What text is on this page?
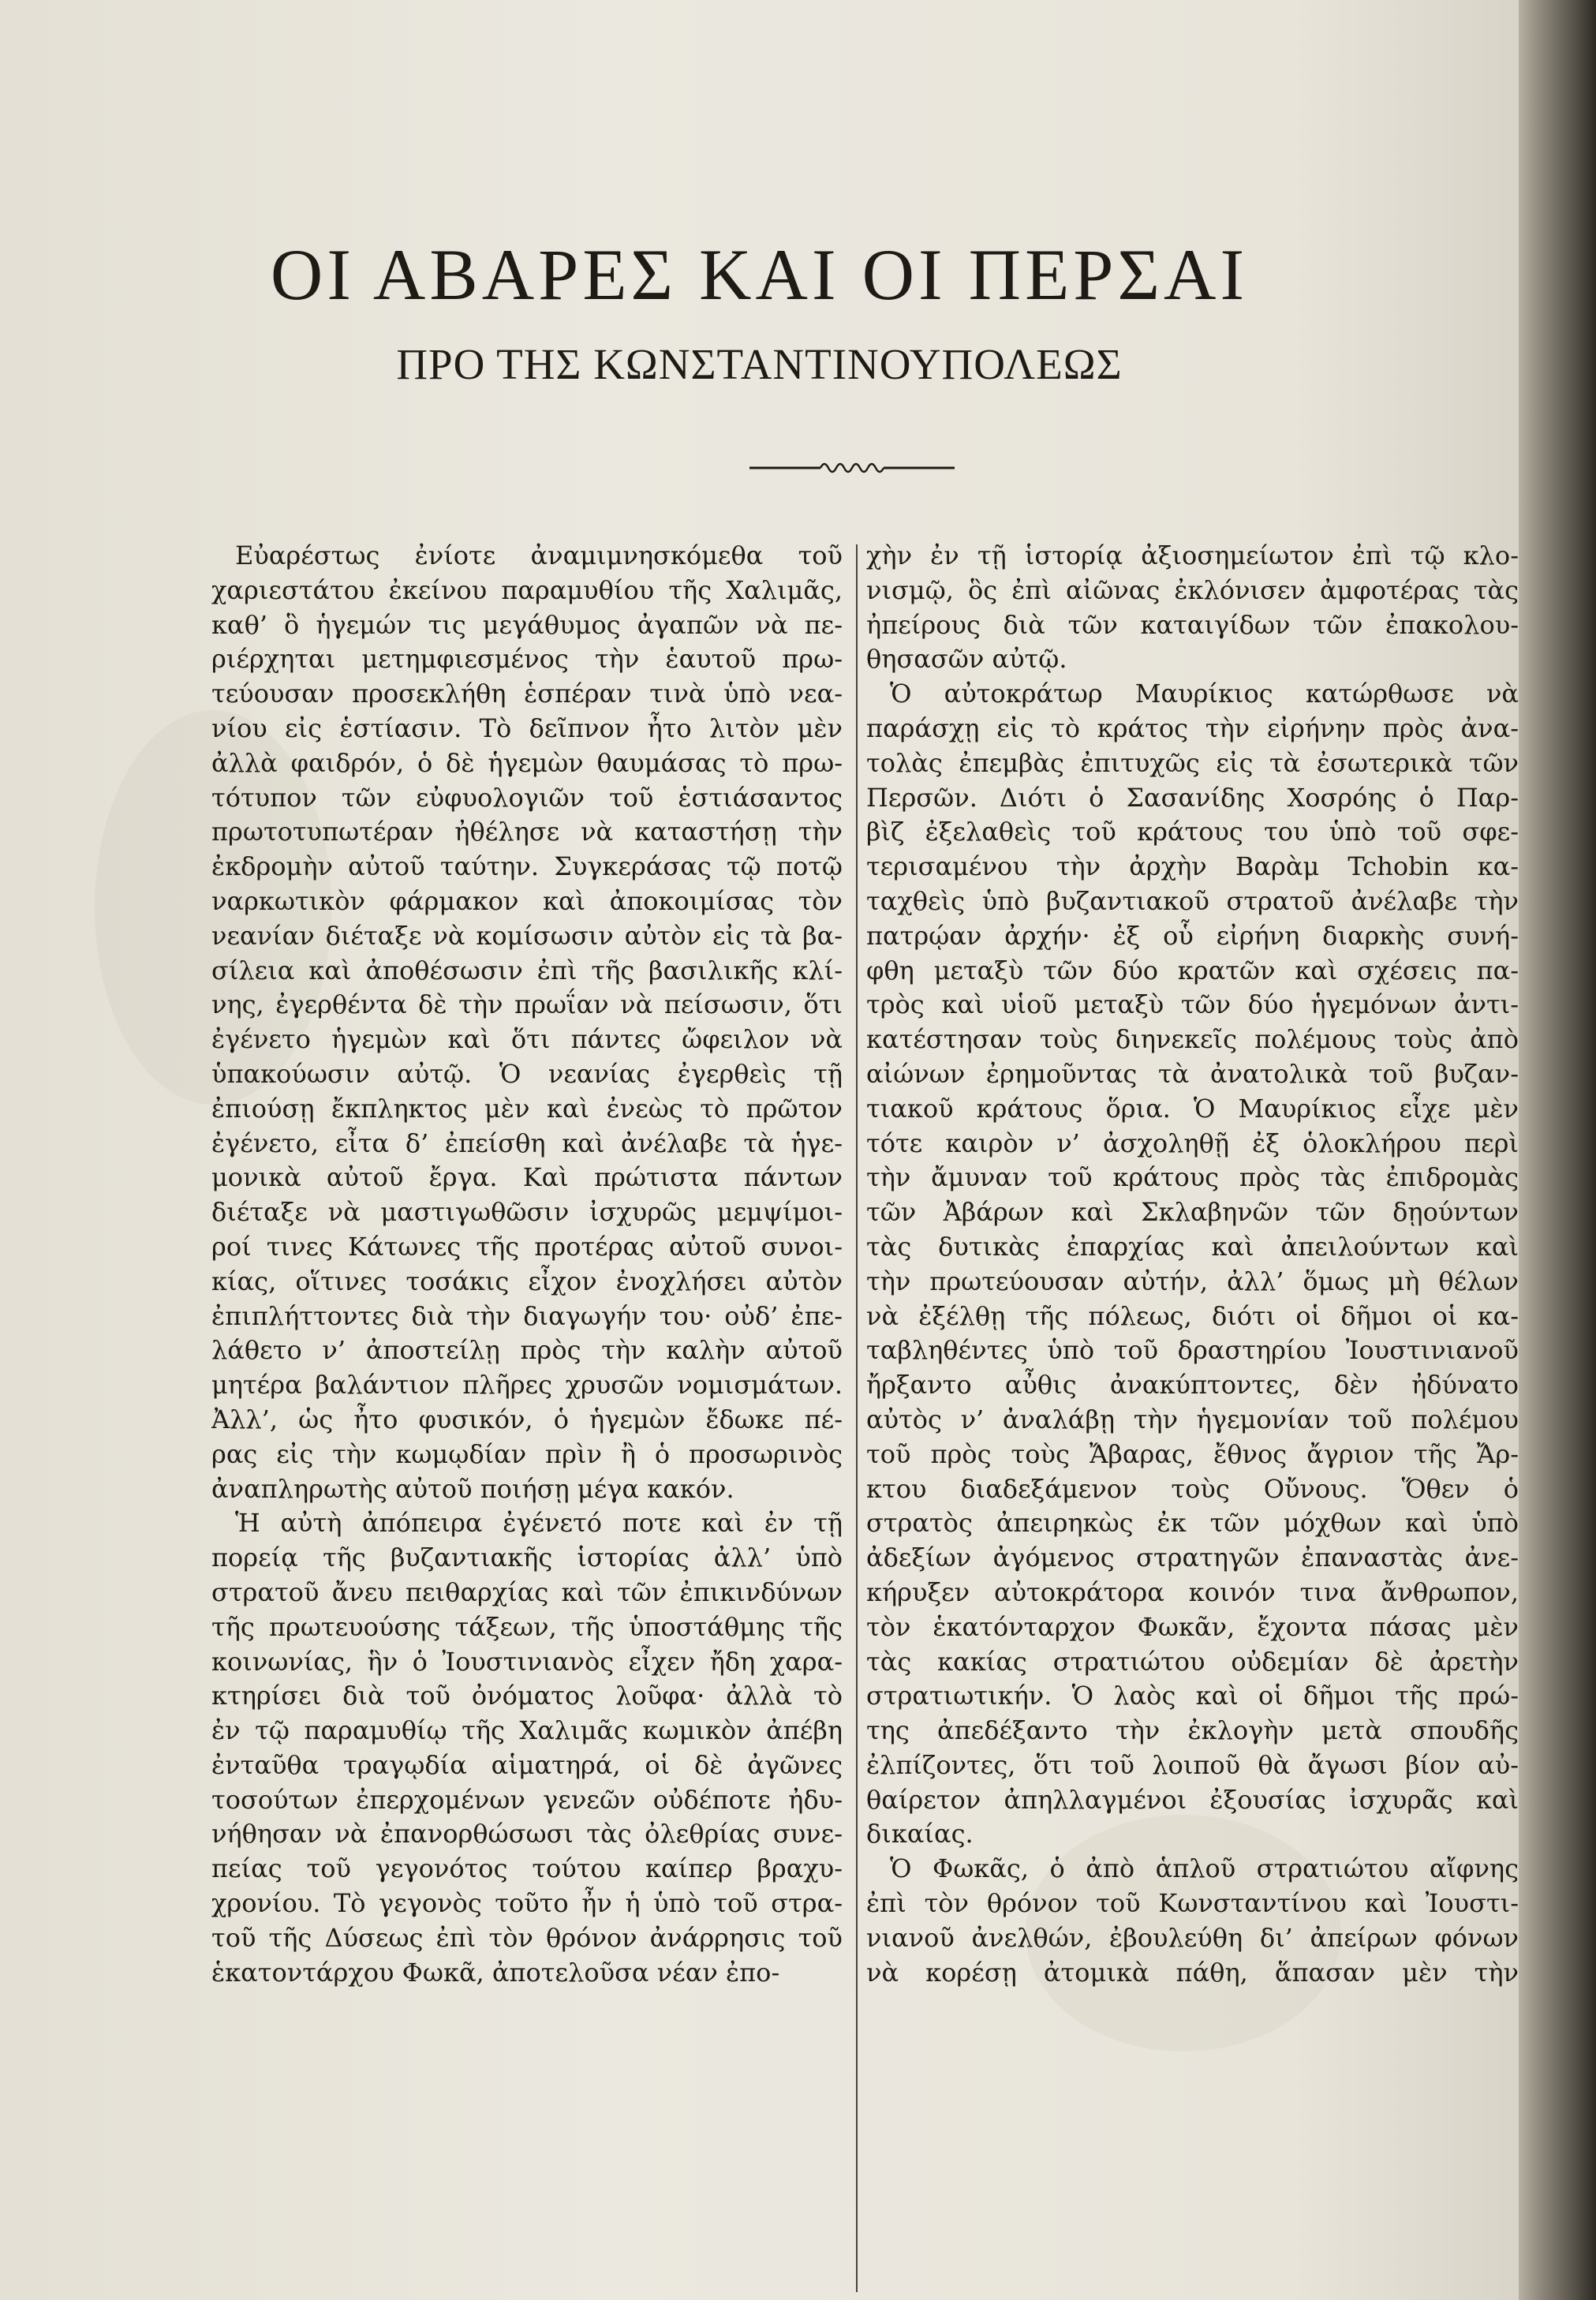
ΟΙ ΑΒΑΡΕΣ ΚΑΙ ΟΙ ΠΕΡΣΑΙ
ΠΡΟ ΤΗΣ ΚΩΝΣΤΑΝΤΙΝΟΥΠΟΛΕΩΣ
Εὐαρέστως ἐνίοτε ἀναμιμνησκόμεθα τοῦ
χαριεστάτου ἐκείνου παραμυθίου τῆς Χαλιμᾶς,
καθ’ ὃ ἡγεμών τις μεγάθυμος ἀγαπῶν νὰ πε-
ριέρχηται μετημφιεσμένος τὴν ἑαυτοῦ πρω-
τεύουσαν προσεκλήθη ἑσπέραν τινὰ ὑπὸ νεα-
νίου εἰς ἑστίασιν. Τὸ δεῖπνον ἦτο λιτὸν μὲν
ἀλλὰ φαιδρόν, ὁ δὲ ἡγεμὼν θαυμάσας τὸ πρω-
τότυπον τῶν εὐφυολογιῶν τοῦ ἑστιάσαντος
πρωτοτυπωτέραν ἠθέλησε νὰ καταστήσῃ τὴν
ἐκδρομὴν αὐτοῦ ταύτην. Συγκεράσας τῷ ποτῷ
ναρκωτικὸν φάρμακον καὶ ἀποκοιμίσας τὸν
νεανίαν διέταξε νὰ κομίσωσιν αὐτὸν εἰς τὰ βα-
σίλεια καὶ ἀποθέσωσιν ἐπὶ τῆς βασιλικῆς κλί-
νης, ἐγερθέντα δὲ τὴν πρωΐαν νὰ πείσωσιν, ὅτι
ἐγένετο ἡγεμὼν καὶ ὅτι πάντες ὤφειλον νὰ
ὑπακούωσιν αὐτῷ. Ὁ νεανίας ἐγερθεὶς τῇ
ἐπιούσῃ ἔκπληκτος μὲν καὶ ἐνεὼς τὸ πρῶτον
ἐγένετο, εἶτα δ’ ἐπείσθη καὶ ἀνέλαβε τὰ ἡγε-
μονικὰ αὐτοῦ ἔργα. Καὶ πρώτιστα πάντων
διέταξε νὰ μαστιγωθῶσιν ἰσχυρῶς μεμψίμοι-
ροί τινες Κάτωνες τῆς προτέρας αὐτοῦ συνοι-
κίας, οἵτινες τοσάκις εἶχον ἐνοχλήσει αὐτὸν
ἐπιπλήττοντες διὰ τὴν διαγωγήν του· οὐδ’ ἐπε-
λάθετο ν’ ἀποστείλῃ πρὸς τὴν καλὴν αὐτοῦ
μητέρα βαλάντιον πλῆρες χρυσῶν νομισμάτων.
Ἀλλ’, ὡς ἦτο φυσικόν, ὁ ἡγεμὼν ἔδωκε πέ-
ρας εἰς τὴν κωμῳδίαν πρὶν ἢ ὁ προσωρινὸς
ἀναπληρωτὴς αὐτοῦ ποιήσῃ μέγα κακόν.
Ἡ αὐτὴ ἀπόπειρα ἐγένετό ποτε καὶ ἐν τῇ
πορείᾳ τῆς βυζαντιακῆς ἱστορίας ἀλλ’ ὑπὸ
στρατοῦ ἄνευ πειθαρχίας καὶ τῶν ἐπικινδύνων
τῆς πρωτευούσης τάξεων, τῆς ὑποστάθμης τῆς
κοινωνίας, ἣν ὁ Ἰουστινιανὸς εἶχεν ἤδη χαρα-
κτηρίσει διὰ τοῦ ὀνόματος λοῦφα· ἀλλὰ τὸ
ἐν τῷ παραμυθίῳ τῆς Χαλιμᾶς κωμικὸν ἀπέβη
ἐνταῦθα τραγῳδία αἱματηρά, οἱ δὲ ἀγῶνες
τοσούτων ἐπερχομένων γενεῶν οὐδέποτε ἠδυ-
νήθησαν νὰ ἐπανορθώσωσι τὰς ὀλεθρίας συνε-
πείας τοῦ γεγονότος τούτου καίπερ βραχυ-
χρονίου. Τὸ γεγονὸς τοῦτο ἦν ἡ ὑπὸ τοῦ στρα-
τοῦ τῆς Δύσεως ἐπὶ τὸν θρόνον ἀνάρρησις τοῦ
ἑκατοντάρχου Φωκᾶ, ἀποτελοῦσα νέαν ἐπο-
χὴν ἐν τῇ ἱστορίᾳ ἀξιοσημείωτον ἐπὶ τῷ κλο-
νισμῷ, ὃς ἐπὶ αἰῶνας ἐκλόνισεν ἀμφοτέρας τὰς
ἠπείρους διὰ τῶν καταιγίδων τῶν ἐπακολου-
θησασῶν αὐτῷ.
Ὁ αὐτοκράτωρ Μαυρίκιος κατώρθωσε νὰ
παράσχῃ εἰς τὸ κράτος τὴν εἰρήνην πρὸς ἀνα-
τολὰς ἐπεμβὰς ἐπιτυχῶς εἰς τὰ ἐσωτερικὰ τῶν
Περσῶν. Διότι ὁ Σασανίδης Χοσρόης ὁ Παρ-
βὶζ ἐξελαθεὶς τοῦ κράτους του ὑπὸ τοῦ σφε-
τερισαμένου τὴν ἀρχὴν Βαρὰμ Tchobin κα-
ταχθεὶς ὑπὸ βυζαντιακοῦ στρατοῦ ἀνέλαβε τὴν
πατρῴαν ἀρχήν· ἐξ οὗ εἰρήνη διαρκὴς συνή-
φθη μεταξὺ τῶν δύο κρατῶν καὶ σχέσεις πα-
τρὸς καὶ υἱοῦ μεταξὺ τῶν δύο ἡγεμόνων ἀντι-
κατέστησαν τοὺς διηνεκεῖς πολέμους τοὺς ἀπὸ
αἰώνων ἐρημοῦντας τὰ ἀνατολικὰ τοῦ βυζαν-
τιακοῦ κράτους ὅρια. Ὁ Μαυρίκιος εἶχε μὲν
τότε καιρὸν ν’ ἀσχοληθῇ ἐξ ὁλοκλήρου περὶ
τὴν ἄμυναν τοῦ κράτους πρὸς τὰς ἐπιδρομὰς
τῶν Ἀβάρων καὶ Σκλαβηνῶν τῶν δῃούντων
τὰς δυτικὰς ἐπαρχίας καὶ ἀπειλούντων καὶ
τὴν πρωτεύουσαν αὐτήν, ἀλλ’ ὅμως μὴ θέλων
νὰ ἐξέλθῃ τῆς πόλεως, διότι οἱ δῆμοι οἱ κα-
ταβληθέντες ὑπὸ τοῦ δραστηρίου Ἰουστινιανοῦ
ἤρξαντο αὖθις ἀνακύπτοντες, δὲν ἠδύνατο
αὐτὸς ν’ ἀναλάβῃ τὴν ἡγεμονίαν τοῦ πολέμου
τοῦ πρὸς τοὺς Ἄβαρας, ἔθνος ἄγριον τῆς Ἄρ-
κτου διαδεξάμενον τοὺς Οὔνους. Ὅθεν ὁ
στρατὸς ἀπειρηκὼς ἐκ τῶν μόχθων καὶ ὑπὸ
ἀδεξίων ἀγόμενος στρατηγῶν ἐπαναστὰς ἀνε-
κήρυξεν αὐτοκράτορα κοινόν τινα ἄνθρωπον,
τὸν ἑκατόνταρχον Φωκᾶν, ἔχοντα πάσας μὲν
τὰς κακίας στρατιώτου οὐδεμίαν δὲ ἀρετὴν
στρατιωτικήν. Ὁ λαὸς καὶ οἱ δῆμοι τῆς πρώ-
της ἀπεδέξαντο τὴν ἐκλογὴν μετὰ σπουδῆς
ἐλπίζοντες, ὅτι τοῦ λοιποῦ θὰ ἄγωσι βίον αὐ-
θαίρετον ἀπηλλαγμένοι ἐξουσίας ἰσχυρᾶς καὶ
δικαίας.
Ὁ Φωκᾶς, ὁ ἀπὸ ἁπλοῦ στρατιώτου αἴφνης
ἐπὶ τὸν θρόνον τοῦ Κωνσταντίνου καὶ Ἰουστι-
νιανοῦ ἀνελθών, ἐβουλεύθη δι’ ἀπείρων φόνων
νὰ κορέσῃ ἀτομικὰ πάθη, ἅπασαν μὲν τὴν
